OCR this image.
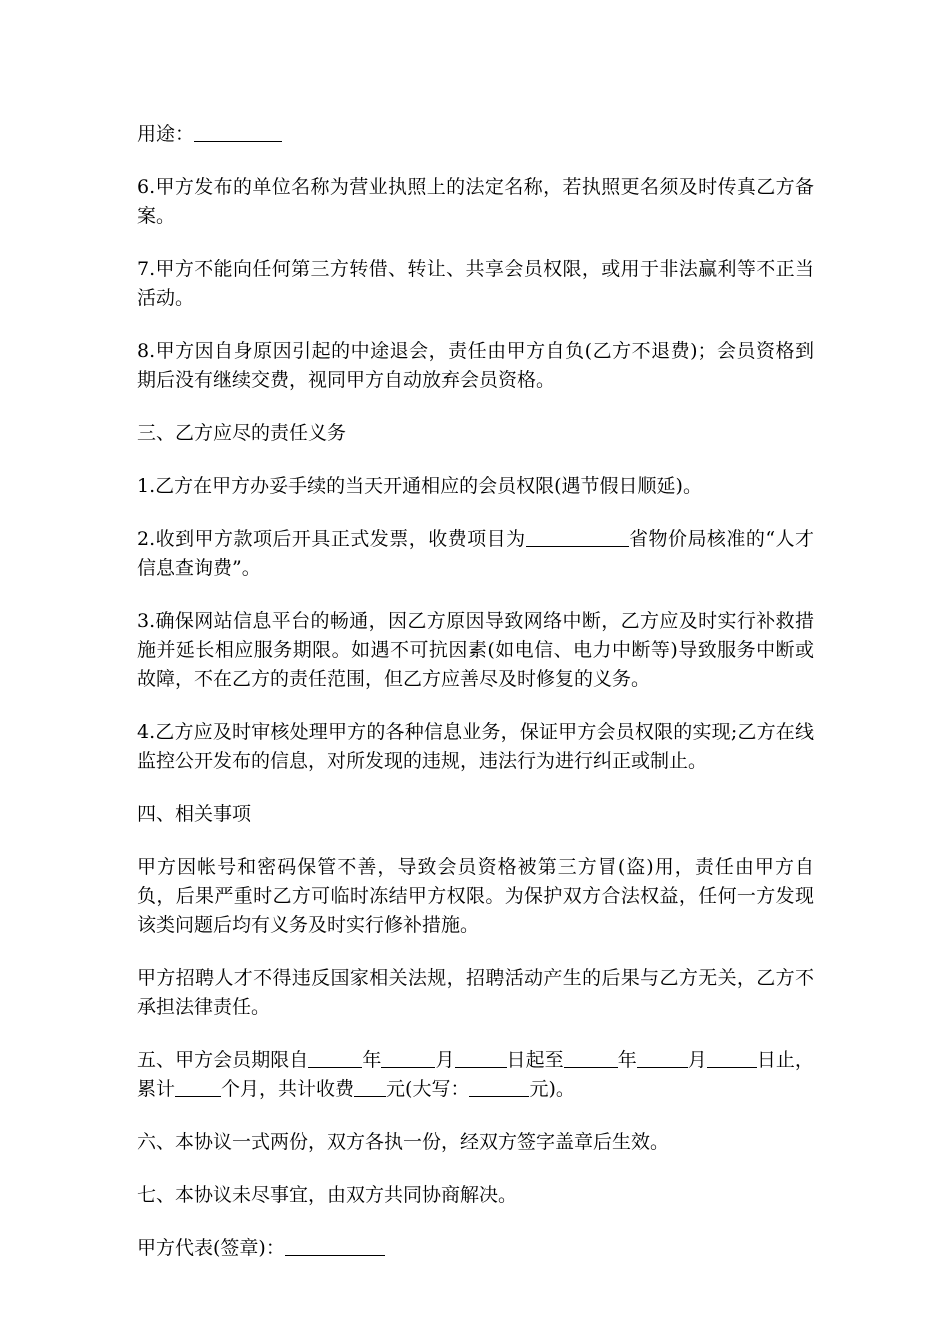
用途：

6.甲方发布的单位名称为营业执照上的法定名称，若执照更名须及时传真乙方备案。

7.甲方不能向任何第三方转借、转让、共享会员权限，或用于非法赢利等不正当活动。

8.甲方因自身原因引起的中途退会，责任由甲方自负(乙方不退费)；会员资格到期后没有继续交费，视同甲方自动放弃会员资格。

三、乙方应尽的责任义务

1.乙方在甲方办妥手续的当天开通相应的会员权限(遇节假日顺延)。

2.收到甲方款项后开具正式发票，收费项目为	省物价局核准的“人才信息查询费”。

3.确保网站信息平台的畅通，因乙方原因导致网络中断，乙方应及时实行补救措施并延长相应服务期限。如遇不可抗因素(如电信、电力中断等)导致服务中断或故障，不在乙方的责任范围，但乙方应善尽及时修复的义务。

4.乙方应及时审核处理甲方的各种信息业务，保证甲方会员权限的实现;乙方在线监控公开发布的信息，对所发现的违规，违法行为进行纠正或制止。

四、相关事项

甲方因帐号和密码保管不善，导致会员资格被第三方冒(盗)用，责任由甲方自负，后果严重时乙方可临时冻结甲方权限。为保护双方合法权益，任何一方发现该类问题后均有义务及时实行修补措施。

甲方招聘人才不得违反国家相关法规，招聘活动产生的后果与乙方无关，乙方不承担法律责任。

五、甲方会员期限自	年	月	日起至	年	月	日止，累计 个月，共计收费 元(大写：	元)。

六、本协议一式两份，双方各执一份，经双方签字盖章后生效。

七、本协议未尽事宜，由双方共同协商解决。

甲方代表(签章)：
